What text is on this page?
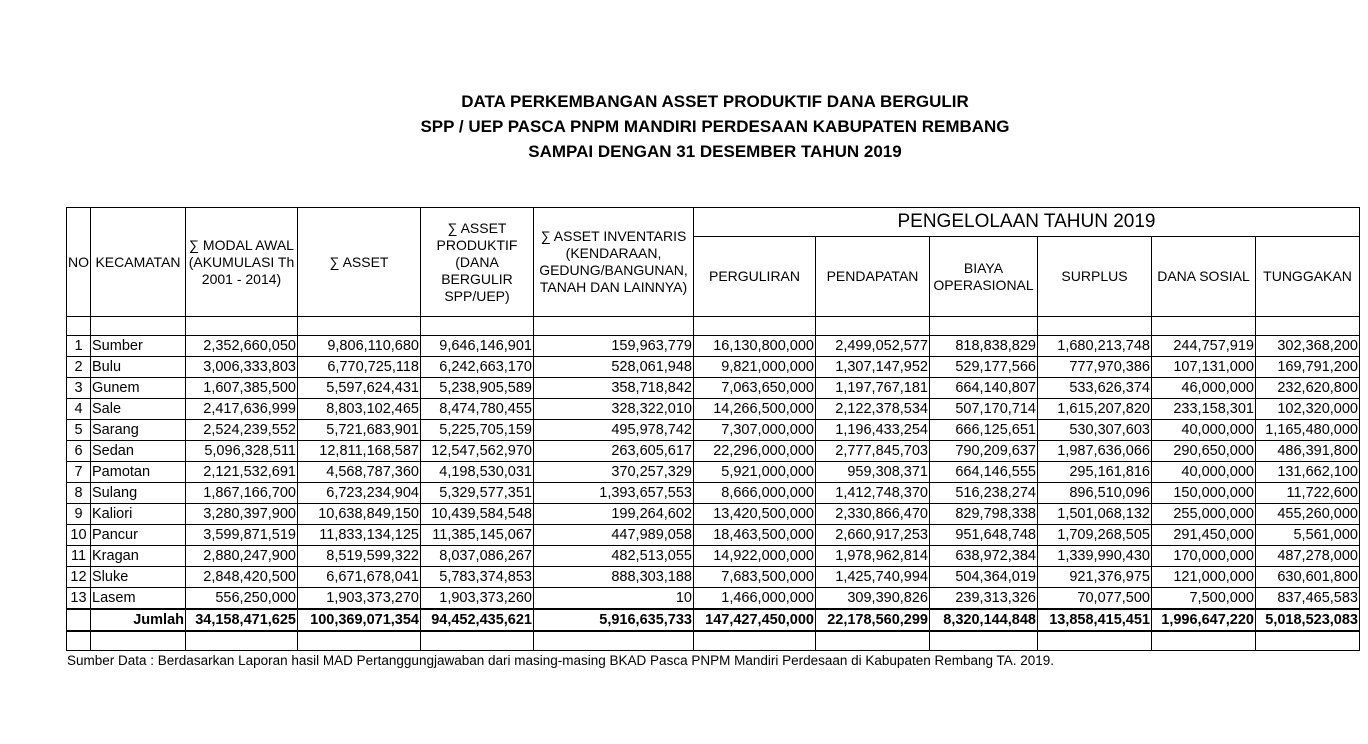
DATA PERKEMBANGAN ASSET PRODUKTIF DANA BERGULIR
SPP / UEP PASCA PNPM MANDIRI PERDESAAN KABUPATEN REMBANG
SAMPAI DENGAN 31 DESEMBER TAHUN 2019
NO	KECAMATAN	∑ MODAL AWAL (AKUMULASI Th 2001 - 2014)	∑ ASSET	∑ ASSET PRODUKTIF (DANA BERGULIR SPP/UEP)	∑ ASSET INVENTARIS (KENDARAAN, GEDUNG/BANGUNAN, TANAH DAN LAINNYA)	PENGELOLAAN TAHUN 2019					
						PERGULIRAN	PENDAPATAN	BIAYA OPERASIONAL	SURPLUS	DANA SOSIAL	TUNGGAKAN

1	Sumber	2,352,660,050	9,806,110,680	9,646,146,901	159,963,779	16,130,800,000	2,499,052,577	818,838,829	1,680,213,748	244,757,919	302,368,200
2	Bulu	3,006,333,803	6,770,725,118	6,242,663,170	528,061,948	9,821,000,000	1,307,147,952	529,177,566	777,970,386	107,131,000	169,791,200
3	Gunem	1,607,385,500	5,597,624,431	5,238,905,589	358,718,842	7,063,650,000	1,197,767,181	664,140,807	533,626,374	46,000,000	232,620,800
4	Sale	2,417,636,999	8,803,102,465	8,474,780,455	328,322,010	14,266,500,000	2,122,378,534	507,170,714	1,615,207,820	233,158,301	102,320,000
5	Sarang	2,524,239,552	5,721,683,901	5,225,705,159	495,978,742	7,307,000,000	1,196,433,254	666,125,651	530,307,603	40,000,000	1,165,480,000
6	Sedan	5,096,328,511	12,811,168,587	12,547,562,970	263,605,617	22,296,000,000	2,777,845,703	790,209,637	1,987,636,066	290,650,000	486,391,800
7	Pamotan	2,121,532,691	4,568,787,360	4,198,530,031	370,257,329	5,921,000,000	959,308,371	664,146,555	295,161,816	40,000,000	131,662,100
8	Sulang	1,867,166,700	6,723,234,904	5,329,577,351	1,393,657,553	8,666,000,000	1,412,748,370	516,238,274	896,510,096	150,000,000	11,722,600
9	Kaliori	3,280,397,900	10,638,849,150	10,439,584,548	199,264,602	13,420,500,000	2,330,866,470	829,798,338	1,501,068,132	255,000,000	455,260,000
10	Pancur	3,599,871,519	11,833,134,125	11,385,145,067	447,989,058	18,463,500,000	2,660,917,253	951,648,748	1,709,268,505	291,450,000	5,561,000
11	Kragan	2,880,247,900	8,519,599,322	8,037,086,267	482,513,055	14,922,000,000	1,978,962,814	638,972,384	1,339,990,430	170,000,000	487,278,000
12	Sluke	2,848,420,500	6,671,678,041	5,783,374,853	888,303,188	7,683,500,000	1,425,740,994	504,364,019	921,376,975	121,000,000	630,601,800
13	Lasem	556,250,000	1,903,373,270	1,903,373,260	10	1,466,000,000	309,390,826	239,313,326	70,077,500	7,500,000	837,465,583
	Jumlah	34,158,471,625	100,369,071,354	94,452,435,621	5,916,635,733	147,427,450,000	22,178,560,299	8,320,144,848	13,858,415,451	1,996,647,220	5,018,523,083

Sumber Data : Berdasarkan Laporan hasil MAD Pertanggungjawaban dari masing-masing BKAD Pasca PNPM Mandiri Perdesaan di Kabupaten Rembang TA. 2019.
